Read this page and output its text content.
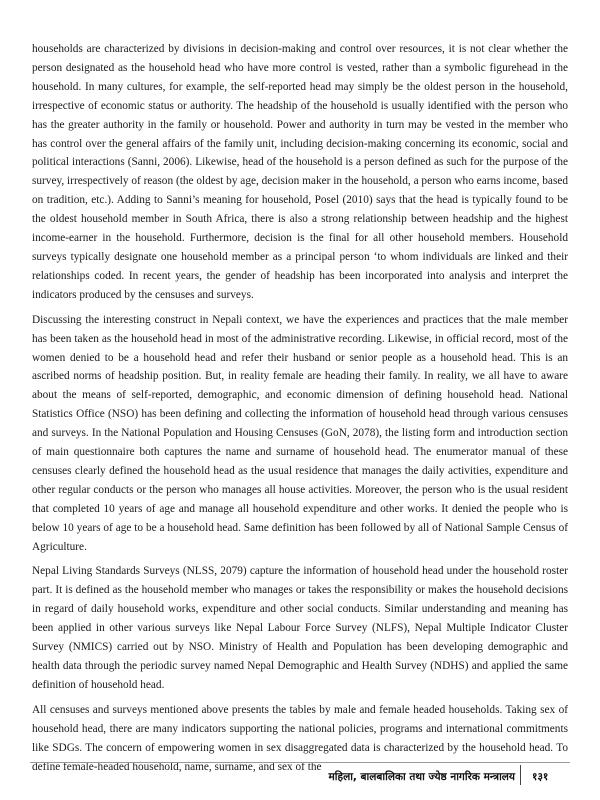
households are characterized by divisions in decision-making and control over resources, it is not clear whether the person designated as the household head who have more control is vested, rather than a symbolic figurehead in the household. In many cultures, for example, the self-reported head may simply be the oldest person in the household, irrespective of economic status or authority. The headship of the household is usually identified with the person who has the greater authority in the family or household. Power and authority in turn may be vested in the member who has control over the general affairs of the family unit, including decision-making concerning its economic, social and political interactions (Sanni, 2006). Likewise, head of the household is a person defined as such for the purpose of the survey, irrespectively of reason (the oldest by age, decision maker in the household, a person who earns income, based on tradition, etc.). Adding to Sanni’s meaning for household, Posel (2010) says that the head is typically found to be the oldest household member in South Africa, there is also a strong relationship between headship and the highest income-earner in the household. Furthermore, decision is the final for all other household members. Household surveys typically designate one household member as a principal person ‘to whom individuals are linked and their relationships coded. In recent years, the gender of headship has been incorporated into analysis and interpret the indicators produced by the censuses and surveys.

Discussing the interesting construct in Nepali context, we have the experiences and practices that the male member has been taken as the household head in most of the administrative recording. Likewise, in official record, most of the women denied to be a household head and refer their husband or senior people as a household head. This is an ascribed norms of headship position. But, in reality female are heading their family. In reality, we all have to aware about the means of self-reported, demographic, and economic dimension of defining household head. National Statistics Office (NSO) has been defining and collecting the information of household head through various censuses and surveys. In the National Population and Housing Censuses (GoN, 2078), the listing form and introduction section of main questionnaire both captures the name and surname of household head. The enumerator manual of these censuses clearly defined the household head as the usual residence that manages the daily activities, expenditure and other regular conducts or the person who manages all house activities. Moreover, the person who is the usual resident that completed 10 years of age and manage all household expenditure and other works. It denied the people who is below 10 years of age to be a household head. Same definition has been followed by all of National Sample Census of Agriculture.

Nepal Living Standards Surveys (NLSS, 2079) capture the information of household head under the household roster part. It is defined as the household member who manages or takes the responsibility or makes the household decisions in regard of daily household works, expenditure and other social conducts. Similar understanding and meaning has been applied in other various surveys like Nepal Labour Force Survey (NLFS), Nepal Multiple Indicator Cluster Survey (NMICS) carried out by NSO. Ministry of Health and Population has been developing demographic and health data through the periodic survey named Nepal Demographic and Health Survey (NDHS) and applied the same definition of household head.

All censuses and surveys mentioned above presents the tables by male and female headed households. Taking sex of household head, there are many indicators supporting the national policies, programs and international commitments like SDGs. The concern of empowering women in sex disaggregated data is characterized by the household head. To define female-headed household, name, surname, and sex of the

महिला, बालबालिका तथा ज्येष्ठ नागरिक मन्त्रालय १३१
